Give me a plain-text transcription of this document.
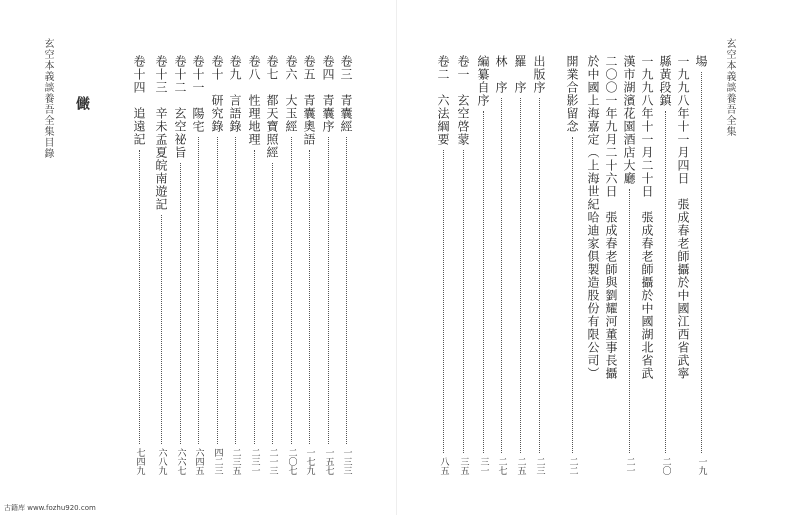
玄空本義談養吾全集目錄 𠑊	卷三　青囊經
一三三
卷四　青囊序
一五七
卷五　青囊奧語
一七九
卷六　大玉經
二〇七
卷七　都天寶照經
二一三
卷八　性理地理
二三一
卷九　言語錄
二三五
卷十　研究錄
四二三
卷十一　陽宅
六四五
卷十二　玄空祕旨
六六七
卷十三　辛未孟夏皖南遊記
六八九
卷十四　追遠記
七四九
玄空本義談養吾全集
場
一九
一九九八年十一月四日　張成春老師攝於中國江西省武寧
縣黃段鎮
二〇
一九九八年十一月二十日　張成春老師攝於中國湖北省武
漢市湖濱花園酒店大廳
二一
二〇〇一年九月二十六日　張成春老師與劉耀河董事長攝
於中國上海嘉定（上海世紀哈迪家俱製造股份有限公司）
開業合影留念
二二
出版序
二三
羅　序
二五
林　序
二七
編纂自序
三一
卷一　玄空啓蒙
三五
卷二　六法綱要
八五
古籍库 www.fozhu920.com
